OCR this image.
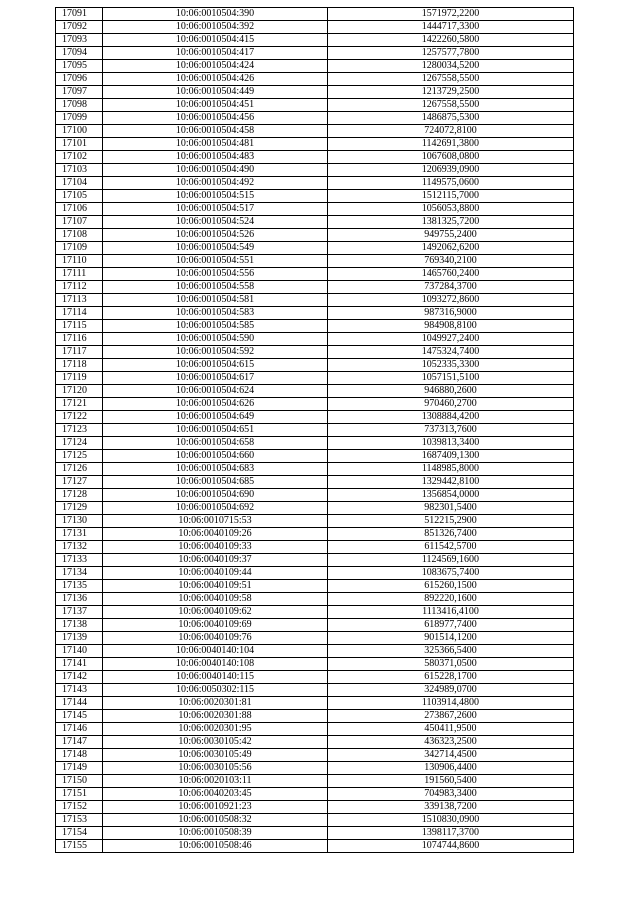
17091	10:06:0010504:390	1571972,2200
17092	10:06:0010504:392	1444717,3300
17093	10:06:0010504:415	1422260,5800
17094	10:06:0010504:417	1257577,7800
17095	10:06:0010504:424	1280034,5200
17096	10:06:0010504:426	1267558,5500
17097	10:06:0010504:449	1213729,2500
17098	10:06:0010504:451	1267558,5500
17099	10:06:0010504:456	1486875,5300
17100	10:06:0010504:458	724072,8100
17101	10:06:0010504:481	1142691,3800
17102	10:06:0010504:483	1067608,0800
17103	10:06:0010504:490	1206939,0900
17104	10:06:0010504:492	1149575,0600
17105	10:06:0010504:515	1512115,7000
17106	10:06:0010504:517	1056053,8800
17107	10:06:0010504:524	1381325,7200
17108	10:06:0010504:526	949755,2400
17109	10:06:0010504:549	1492062,6200
17110	10:06:0010504:551	769340,2100
17111	10:06:0010504:556	1465760,2400
17112	10:06:0010504:558	737284,3700
17113	10:06:0010504:581	1093272,8600
17114	10:06:0010504:583	987316,9000
17115	10:06:0010504:585	984908,8100
17116	10:06:0010504:590	1049927,2400
17117	10:06:0010504:592	1475324,7400
17118	10:06:0010504:615	1052335,3300
17119	10:06:0010504:617	1057151,5100
17120	10:06:0010504:624	946880,2600
17121	10:06:0010504:626	970460,2700
17122	10:06:0010504:649	1308884,4200
17123	10:06:0010504:651	737313,7600
17124	10:06:0010504:658	1039813,3400
17125	10:06:0010504:660	1687409,1300
17126	10:06:0010504:683	1148985,8000
17127	10:06:0010504:685	1329442,8100
17128	10:06:0010504:690	1356854,0000
17129	10:06:0010504:692	982301,5400
17130	10:06:0010715:53	512215,2900
17131	10:06:0040109:26	851326,7400
17132	10:06:0040109:33	611542,5700
17133	10:06:0040109:37	1124569,1600
17134	10:06:0040109:44	1083675,7400
17135	10:06:0040109:51	615260,1500
17136	10:06:0040109:58	892220,1600
17137	10:06:0040109:62	1113416,4100
17138	10:06:0040109:69	618977,7400
17139	10:06:0040109:76	901514,1200
17140	10:06:0040140:104	325366,5400
17141	10:06:0040140:108	580371,0500
17142	10:06:0040140:115	615228,1700
17143	10:06:0050302:115	324989,0700
17144	10:06:0020301:81	1103914,4800
17145	10:06:0020301:88	273867,2600
17146	10:06:0020301:95	450411,9500
17147	10:06:0030105:42	436323,2500
17148	10:06:0030105:49	342714,4500
17149	10:06:0030105:56	130906,4400
17150	10:06:0020103:11	191560,5400
17151	10:06:0040203:45	704983,3400
17152	10:06:0010921:23	339138,7200
17153	10:06:0010508:32	1510830,0900
17154	10:06:0010508:39	1398117,3700
17155	10:06:0010508:46	1074744,8600
